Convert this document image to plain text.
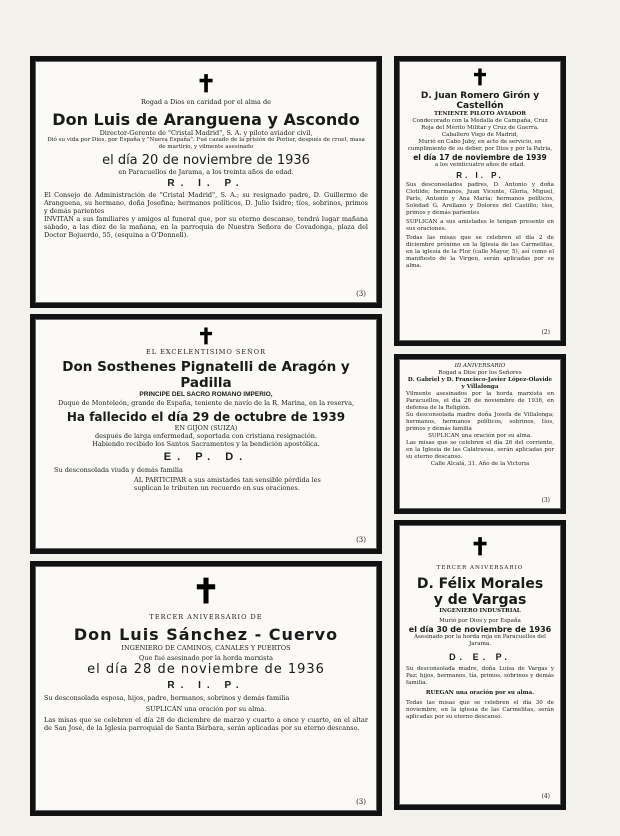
✝
Rogad a Dios en caridad por el alma de
Don Luis de Aranguena y Ascondo
Director-Gerente de "Cristal Madrid", S. A. y piloto aviador civil,
Dió su vida por Dios, por España y "Nueva España". Fué cazado de la prisión de Porlier, después de cruel, masa de martirio, y vilmente asesinado
el día 20 de noviembre de 1936
en Paracuellos de Jarama, a los treinta años de edad.
R. I. P.
El Consejo de Administración de "Cristal Madrid", S. A.; su resignado padre, D. Guillermo de Aranguena, su hermano, doña Josefina; hermanos políticos, D. Julio Isidro; tíos, sobrinos, primos y demás parientes
INVITAN a sus familiares y amigos al funeral que, por su eterno descanso, tendrá lugar mañana sábado, a las diez de la mañana, en la parroquia de Nuestra Señora de Covadonga, plaza del Doctor Bojuerdo, 55, (esquina a O'Donnell).
(3)
✝
EL EXCELENTISIMO SEÑOR
Don Sosthenes Pignatelli de Aragón y Padilla
PRINCIPE DEL SACRO ROMANO IMPERIO,
Duque de Monteleón, grande de España, teniente de navío de la R. Marina, en la reserva,
Ha fallecido el día 29 de octubre de 1939
EN GIJON (SUIZA)
después de larga enfermedad, soportada con cristiana resignación.
Habiendo recibido los Santos Sacramentos y la bendición apostólica.
E. P. D.
Su desconsolada viuda y demás familia
AL PARTICIPAR a sus amistades tan sensible pérdida les suplican le tributen un recuerdo en sus oraciones.
(3)
✝
TERCER ANIVERSARIO DE
Don Luis Sánchez - Cuervo
INGENIERO DE CAMINOS, CANALES Y PUERTOS
Que fué asesinado por la horda marxista
el día 28 de noviembre de 1936
R. I. P.
Su desconsolada esposa, hijos, padre, hermanos, sobrinos y demás familia
SUPLICAN una oración por su alma.
Las misas que se celebren el día 28 de diciembre de marzo y cuarto a once y cuarto, en el altar de San José, de la Iglesia parroquial de Santa Bárbara, serán aplicadas por su eterno descanso.
(3)
✝
D. Juan Romero Girón y Castellón
TENIENTE PILOTO AVIADOR
Condecorado con la Medalla de Campaña, Cruz Roja del Mérito Militar y Cruz de Guerra.
Caballero Viejo de Madrid,
Murió en Cabo Juby, en acto de servicio, en cumplimiento de su deber, por Dios y por la Patria,
el día 17 de noviembre de 1939
a los veinticuatro años de edad.
R. I. P.
Sus desconsolados padres, D. Antonio y doña Clotilde; hermanos, Juan Vicente, Gloria, Miguel, Paris, Antonio y Ana María; hermanos políticos, Soledad G. Arellano y Dolores del Castillo; tíos, primos y demás parientes
SUPLICAN a sus amistades le tengan presente en sus oraciones.
Todas las misas que se celebren el día 2 de diciembre próximo en la Iglesia de las Carmelitas, en la iglesia de la Flor (calle Mayor, 5), así como el manifiesto de la Virgen, serán aplicadas por su alma.
(2)
III ANIVERSARIO
Rogad a Dios por los Señores
D. Gabriel y D. Francisco-Javier López-Olavide y Villalonga
Vilmente asesinados por la horda marxista en Paracuellos, el día 26 de noviembre de 1936, en defensa de la Religión.
Su desconsolada madre doña Josefa de Villalonga; hermanos, hermanos políticos, sobrinos, tíos, primos y demás familia
SUPLICAN una oración por su alma.
Las misas que se celebren el día 26 del corriente, en la Iglesia de las Calatravas, serán aplicadas por su eterno descanso.
Calle Alcalá, 31. Año de la Victoria
(3)
✝
TERCER ANIVERSARIO
D. Félix Morales
y de Vargas
INGENIERO INDUSTRIAL
Murió por Dios y por España
el día 30 de noviembre de 1936
Asesinado por la horda roja en Paracuellos del Jarama.
D. E. P.
Su desconsolada madre, doña Luisa de Vargas y Paz; hijos, hermanos, tía, primos, sobrinos y demás familia.
RUEGAN una oración por su alma.
Todas las misas que se celebren el día 30 de noviembre, en la iglesia de las Carmelitas, serán aplicadas por su eterno descanso.
(4)
